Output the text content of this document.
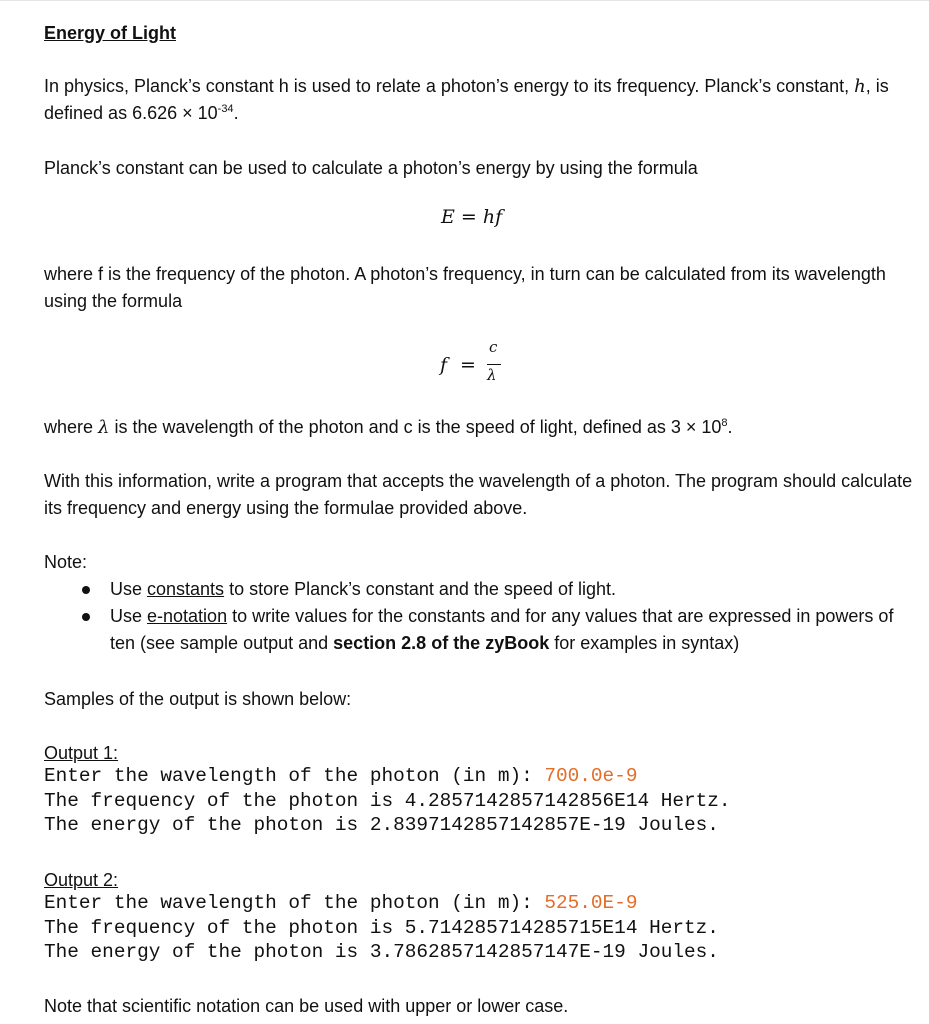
Energy of Light
In physics, Planck’s constant h is used to relate a photon’s energy to its frequency. Planck’s constant, h, is defined as $6.626 \times 10^{-34}$.
Planck’s constant can be used to calculate a photon’s energy by using the formula
E = hf
where f is the frequency of the photon. A photon’s frequency, in turn can be calculated from its wavelength using the formula
f =
c
λ
where λ is the wavelength of the photon and c is the speed of light, defined as $3 \times 10^8$.
With this information, write a program that accepts the wavelength of a photon. The program should calculate its frequency and energy using the formulae provided above.
Note:
Use constants to store Planck’s constant and the speed of light.
Use e-notation to write values for the constants and for any values that are expressed in powers of ten (see sample output and section 2.8 of the zyBook for examples in syntax)
Samples of the output is shown below:
Output 1:
Enter the wavelength of the photon (in m): 700.0e-9
The frequency of the photon is 4.2857142857142856E14 Hertz.
The energy of the photon is 2.8397142857142857E-19 Joules.
Output 2:
Enter the wavelength of the photon (in m): 525.0E-9
The frequency of the photon is 5.714285714285715E14 Hertz.
The energy of the photon is 3.7862857142857147E-19 Joules.
Note that scientific notation can be used with upper or lower case.
